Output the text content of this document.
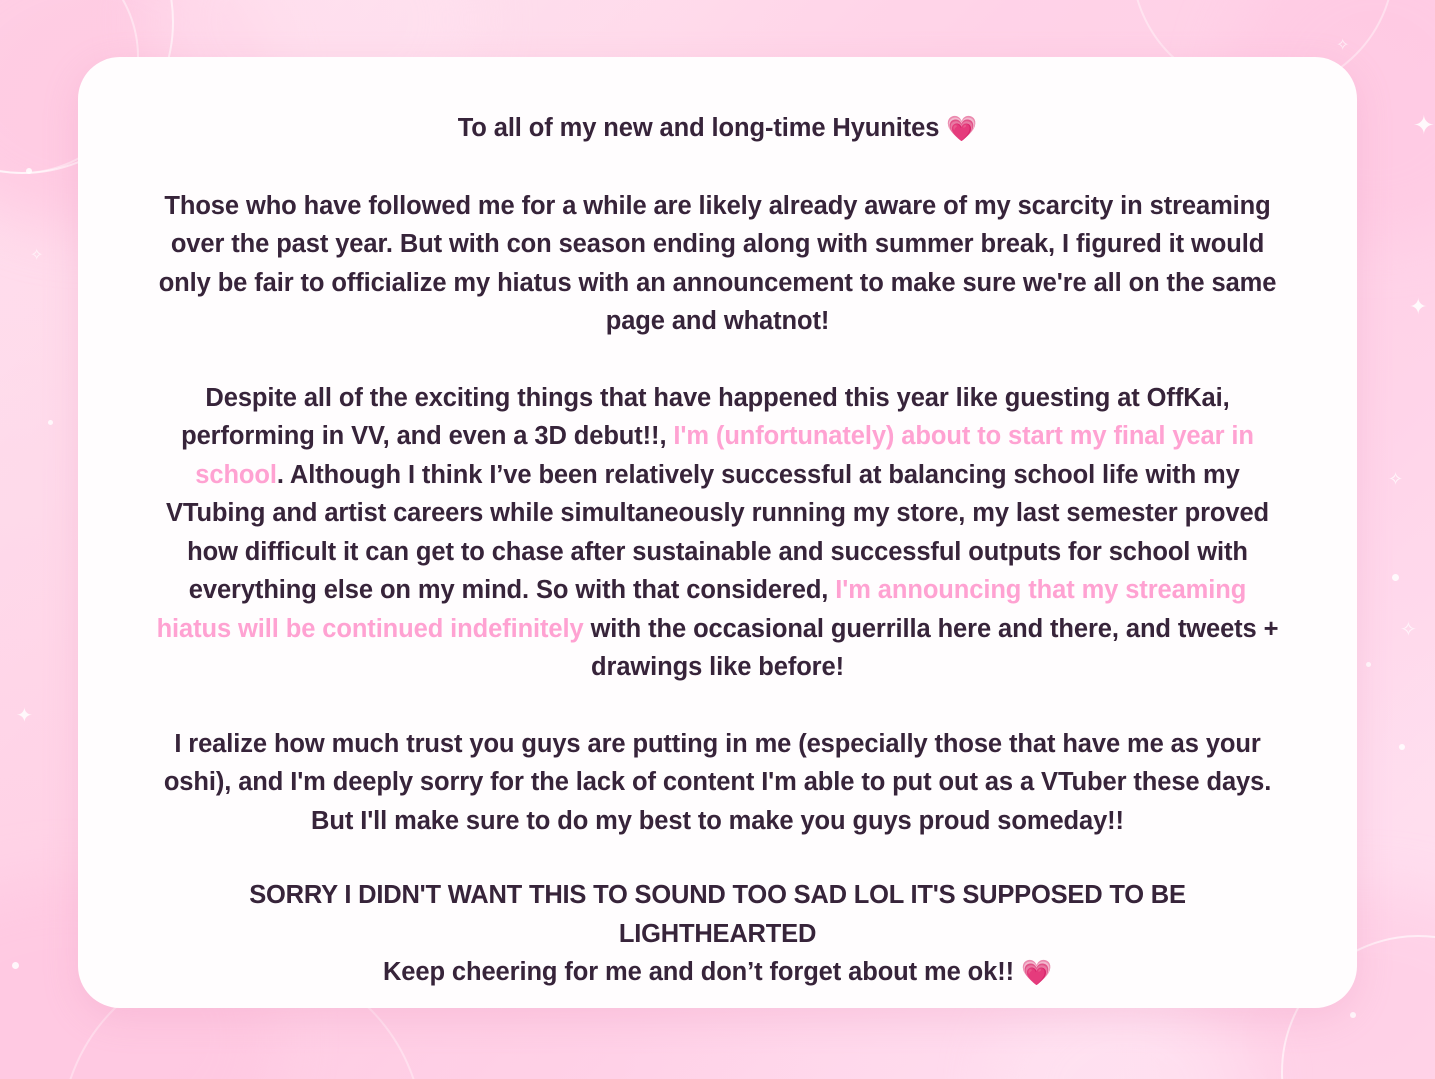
✦
✦
✧
✧
✦
✧
✧

To all of my new and long-time Hyunites 💗

Those who have followed me for a while are likely already aware of my scarcity in streaming over the past year. But with con season ending along with summer break, I figured it would only be fair to officialize my hiatus with an announcement to make sure we're all on the same page and whatnot!

Despite all of the exciting things that have happened this year like guesting at OffKai, performing in VV, and even a 3D debut!!, I'm (unfortunately) about to start my final year in school. Although I think I’ve been relatively successful at balancing school life with my VTubing and artist careers while simultaneously running my store, my last semester proved how difficult it can get to chase after sustainable and successful outputs for school with everything else on my mind. So with that considered, I'm announcing that my streaming hiatus will be continued indefinitely with the occasional guerrilla here and there, and tweets + drawings like before!

I realize how much trust you guys are putting in me (especially those that have me as your oshi), and I'm deeply sorry for the lack of content I'm able to put out as a VTuber these days. But I'll make sure to do my best to make you guys proud someday!!

SORRY I DIDN'T WANT THIS TO SOUND TOO SAD LOL IT'S SUPPOSED TO BE LIGHTHEARTED

Keep cheering for me and don’t forget about me ok!! 💗
